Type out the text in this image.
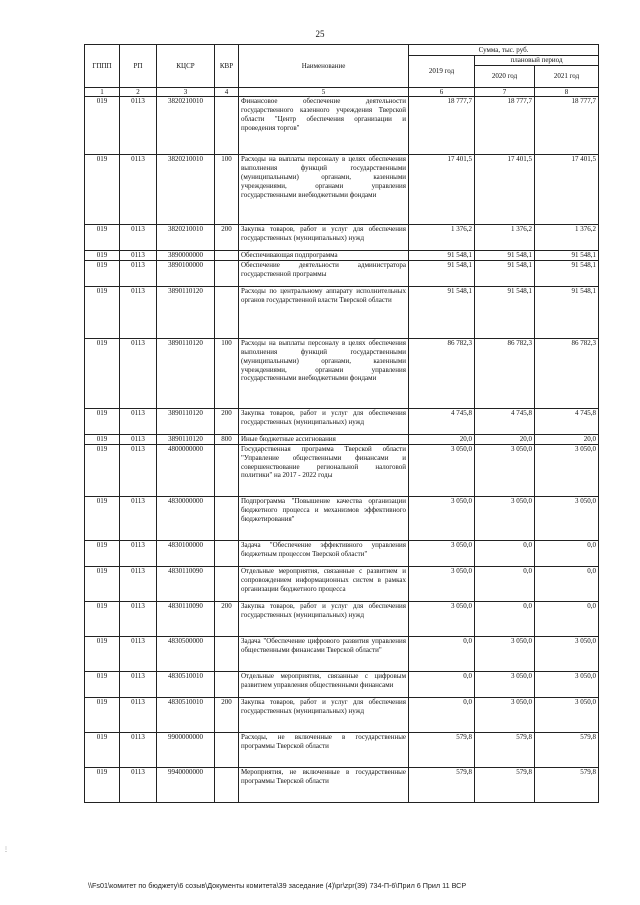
25
ГППП	РП	КЦСР	КВР	Наименование	Сумма, тыс. руб.		
					2019 год	плановый период	
						2020 год	2021 год
1	2	3	4	5	6	7	8
019	0113	3820210010		Финансовое обеспечение деятельности государственного казенного учреждения Тверской области "Центр обеспечения организации и проведения торгов"	18 777,7	18 777,7	18 777,7
019	0113	3820210010	100	Расходы на выплаты персоналу в целях обеспечения выполнения функций государственными (муниципальными) органами, казенными учреждениями, органами управления государственными внебюджетными фондами	17 401,5	17 401,5	17 401,5
019	0113	3820210010	200	Закупка товаров, работ и услуг для обеспечения государственных (муниципальных) нужд	1 376,2	1 376,2	1 376,2
019	0113	3890000000		Обеспечивающая подпрограмма	91 548,1	91 548,1	91 548,1
019	0113	3890100000		Обеспечение деятельности администратора государственной программы	91 548,1	91 548,1	91 548,1
019	0113	3890110120		Расходы по центральному аппарату исполнительных органов государственной власти Тверской области	91 548,1	91 548,1	91 548,1
019	0113	3890110120	100	Расходы на выплаты персоналу в целях обеспечения выполнения функций государственными (муниципальными) органами, казенными учреждениями, органами управления государственными внебюджетными фондами	86 782,3	86 782,3	86 782,3
019	0113	3890110120	200	Закупка товаров, работ и услуг для обеспечения государственных (муниципальных) нужд	4 745,8	4 745,8	4 745,8
019	0113	3890110120	800	Иные бюджетные ассигнования	20,0	20,0	20,0
019	0113	4800000000		Государственная программа Тверской области "Управление общественными финансами и совершенствование региональной налоговой политики" на 2017 - 2022 годы	3 050,0	3 050,0	3 050,0
019	0113	4830000000		Подпрограмма "Повышение качества организации бюджетного процесса и механизмов эффективного бюджетирования"	3 050,0	3 050,0	3 050,0
019	0113	4830100000		Задача "Обеспечение эффективного управления бюджетным процессом Тверской области"	3 050,0	0,0	0,0
019	0113	4830110090		Отдельные мероприятия, связанные с развитием и сопровождением информационных систем в рамках организации бюджетного процесса	3 050,0	0,0	0,0
019	0113	4830110090	200	Закупка товаров, работ и услуг для обеспечения государственных (муниципальных) нужд	3 050,0	0,0	0,0
019	0113	4830500000		Задача "Обеспечение цифрового развития управления общественными финансами Тверской области"	0,0	3 050,0	3 050,0
019	0113	4830510010		Отдельные мероприятия, связанные с цифровым развитием управления общественными финансами	0,0	3 050,0	3 050,0
019	0113	4830510010	200	Закупка товаров, работ и услуг для обеспечения государственных (муниципальных) нужд	0,0	3 050,0	3 050,0
019	0113	9900000000		Расходы, не включенные в государственные программы Тверской области	579,8	579,8	579,8
019	0113	9940000000		Мероприятия, не включенные в государственные программы Тверской области	579,8	579,8	579,8
⋮
\\Fs01\комитет по бюджету\6 созыв\Документы комитета\39 заседание (4)\pr\zpr(39) 734-П-6\Прил 6 Прил 11 ВСР
